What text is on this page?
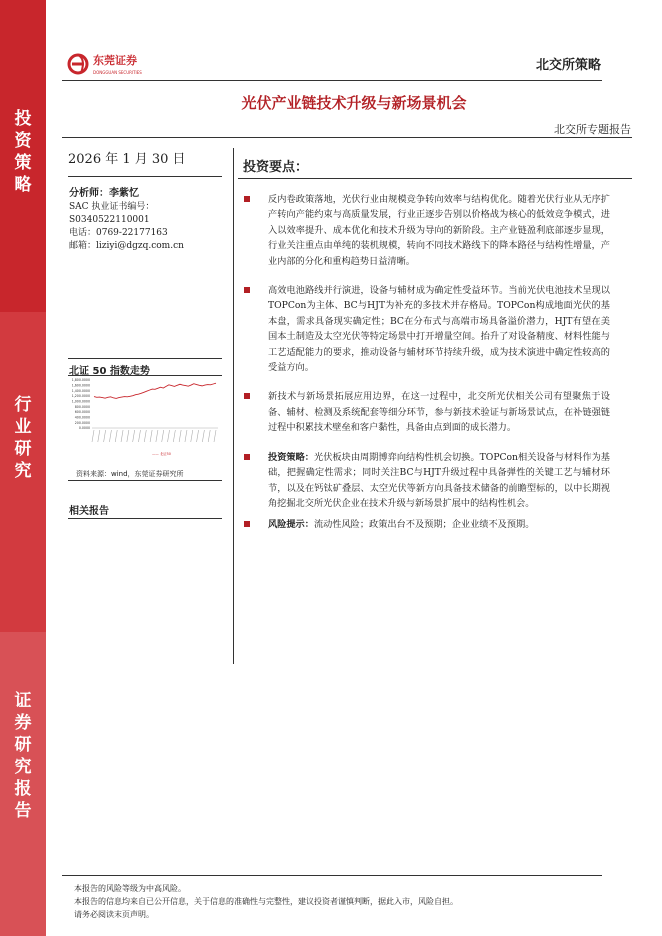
投
资
策
略
行
业
研
究
证
券
研
究
报
告
东莞证券
DONGGUAN SECURITIES	北交所策略
光伏产业链技术升级与新场景机会
北交所专题报告
2026 年 1 月 30 日
分析师：李紫忆
SAC 执业证书编号：
S0340522110001
电话：0769-22177163
邮箱：liziyi@dgzq.com.cn
北证 50 指数走势
1,800.0000
1,600.0000
1,400.0000
1,200.0000
1,000.0000
800.0000
600.0000
400.0000
200.0000
0.0000
—— 北证50
资料来源：wind，东莞证券研究所
相关报告
投资要点：
反内卷政策落地，光伏行业由规模竞争转向效率与结构优化。随着光伏行业从无序扩产转向产能约束与高质量发展，行业正逐步告别以价格战为核心的低效竞争模式，进入以效率提升、成本优化和技术升级为导向的新阶段。主产业链盈利底部逐步显现，行业关注重点由单纯的装机规模，转向不同技术路线下的降本路径与结构性增量，产业内部的分化和重构趋势日益清晰。
高效电池路线并行演进，设备与辅材成为确定性受益环节。当前光伏电池技术呈现以TOPCon为主体、BC与HJT为补充的多技术并存格局。TOPCon构成地面光伏的基本盘，需求具备现实确定性；BC在分布式与高端市场具备溢价潜力，HJT有望在美国本土制造及太空光伏等特定场景中打开增量空间。抬升了对设备精度、材料性能与工艺适配能力的要求，推动设备与辅材环节持续升级，成为技术演进中确定性较高的受益方向。
新技术与新场景拓展应用边界，在这一过程中，北交所光伏相关公司有望聚焦于设备、辅材、检测及系统配套等细分环节，参与新技术验证与新场景试点，在补链强链过程中积累技术壁垒和客户黏性，具备由点到面的成长潜力。
投资策略：光伏板块由周期博弈向结构性机会切换。TOPCon相关设备与材料作为基础，把握确定性需求；同时关注BC与HJT升级过程中具备弹性的关键工艺与辅材环节，以及在钙钛矿叠层、太空光伏等新方向具备技术储备的前瞻型标的，以中长期视角挖掘北交所光伏企业在技术升级与新场景扩展中的结构性机会。
风险提示：流动性风险；政策出台不及预期；企业业绩不及预期。
本报告的风险等级为中高风险。
本报告的信息均来自已公开信息，关于信息的准确性与完整性，建议投资者谨慎判断，据此入市，风险自担。
请务必阅读末页声明。
